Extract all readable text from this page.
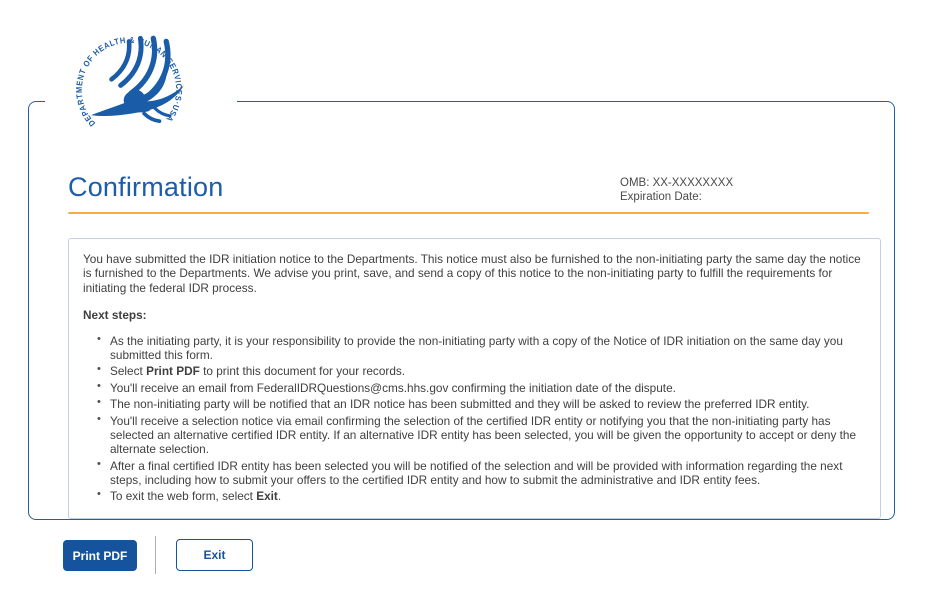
DEPARTMENT OF HEALTH & HUMAN SERVICES·USA
Confirmation	OMB: XX-XXXXXXXX
Expiration Date:

You have submitted the IDR initiation notice to the Departments. This notice must also be furnished to the non-initiating party the same day the notice is furnished to the Departments. We advise you print, save, and send a copy of this notice to the non-initiating party to fulfill the requirements for initiating the federal IDR process.

Next steps:

• As the initiating party, it is your responsibility to provide the non-initiating party with a copy of the Notice of IDR initiation on the same day you submitted this form.
• Select Print PDF to print this document for your records.
• You'll receive an email from FederalIDRQuestions@cms.hhs.gov confirming the initiation date of the dispute.
• The non-initiating party will be notified that an IDR notice has been submitted and they will be asked to review the preferred IDR entity.
• You'll receive a selection notice via email confirming the selection of the certified IDR entity or notifying you that the non-initiating party has selected an alternative certified IDR entity. If an alternative IDR entity has been selected, you will be given the opportunity to accept or deny the alternate selection.
• After a final certified IDR entity has been selected you will be notified of the selection and will be provided with information regarding the next steps, including how to submit your offers to the certified IDR entity and how to submit the administrative and IDR entity fees.
• To exit the web form, select Exit.
Print PDF	Exit
